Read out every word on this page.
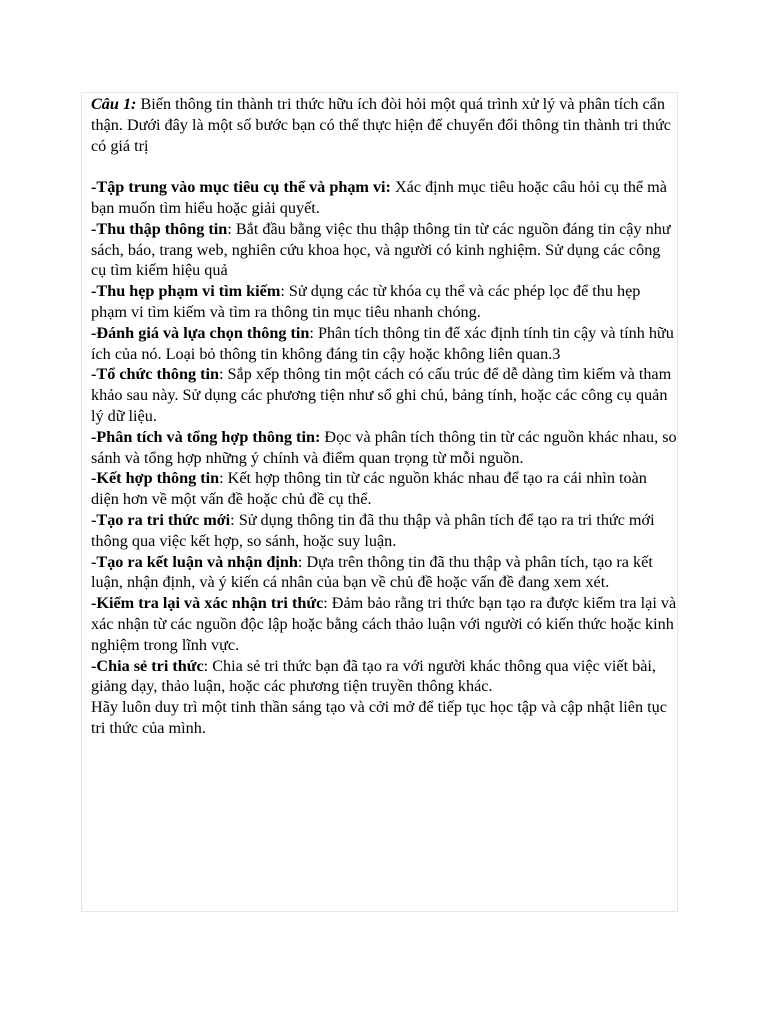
Câu 1: Biến thông tin thành tri thức hữu ích đòi hỏi một quá trình xử lý và phân tích cẩn thận. Dưới đây là một số bước bạn có thể thực hiện để chuyển đổi thông tin thành tri thức có giá trị

-Tập trung vào mục tiêu cụ thể và phạm vi: Xác định mục tiêu hoặc câu hỏi cụ thể mà bạn muốn tìm hiểu hoặc giải quyết.

-Thu thập thông tin: Bắt đầu bằng việc thu thập thông tin từ các nguồn đáng tin cậy như sách, báo, trang web, nghiên cứu khoa học, và người có kinh nghiệm. Sử dụng các công cụ tìm kiếm hiệu quả

-Thu hẹp phạm vi tìm kiếm: Sử dụng các từ khóa cụ thể và các phép lọc để thu hẹp phạm vi tìm kiếm và tìm ra thông tin mục tiêu nhanh chóng.

-Đánh giá và lựa chọn thông tin: Phân tích thông tin để xác định tính tin cậy và tính hữu ích của nó. Loại bỏ thông tin không đáng tin cậy hoặc không liên quan.3

-Tổ chức thông tin: Sắp xếp thông tin một cách có cấu trúc để dễ dàng tìm kiếm và tham khảo sau này. Sử dụng các phương tiện như sổ ghi chú, bảng tính, hoặc các công cụ quản lý dữ liệu.

-Phân tích và tổng hợp thông tin: Đọc và phân tích thông tin từ các nguồn khác nhau, so sánh và tổng hợp những ý chính và điểm quan trọng từ mỗi nguồn.

-Kết hợp thông tin: Kết hợp thông tin từ các nguồn khác nhau để tạo ra cái nhìn toàn diện hơn về một vấn đề hoặc chủ đề cụ thể.

-Tạo ra tri thức mới: Sử dụng thông tin đã thu thập và phân tích để tạo ra tri thức mới thông qua việc kết hợp, so sánh, hoặc suy luận.

-Tạo ra kết luận và nhận định: Dựa trên thông tin đã thu thập và phân tích, tạo ra kết luận, nhận định, và ý kiến cá nhân của bạn về chủ đề hoặc vấn đề đang xem xét.

-Kiểm tra lại và xác nhận tri thức: Đảm bảo rằng tri thức bạn tạo ra được kiểm tra lại và xác nhận từ các nguồn độc lập hoặc bằng cách thảo luận với người có kiến thức hoặc kinh nghiệm trong lĩnh vực.

-Chia sẻ tri thức: Chia sẻ tri thức bạn đã tạo ra với người khác thông qua việc viết bài, giảng dạy, thảo luận, hoặc các phương tiện truyền thông khác.

Hãy luôn duy trì một tinh thần sáng tạo và cởi mở để tiếp tục học tập và cập nhật liên tục tri thức của mình.
